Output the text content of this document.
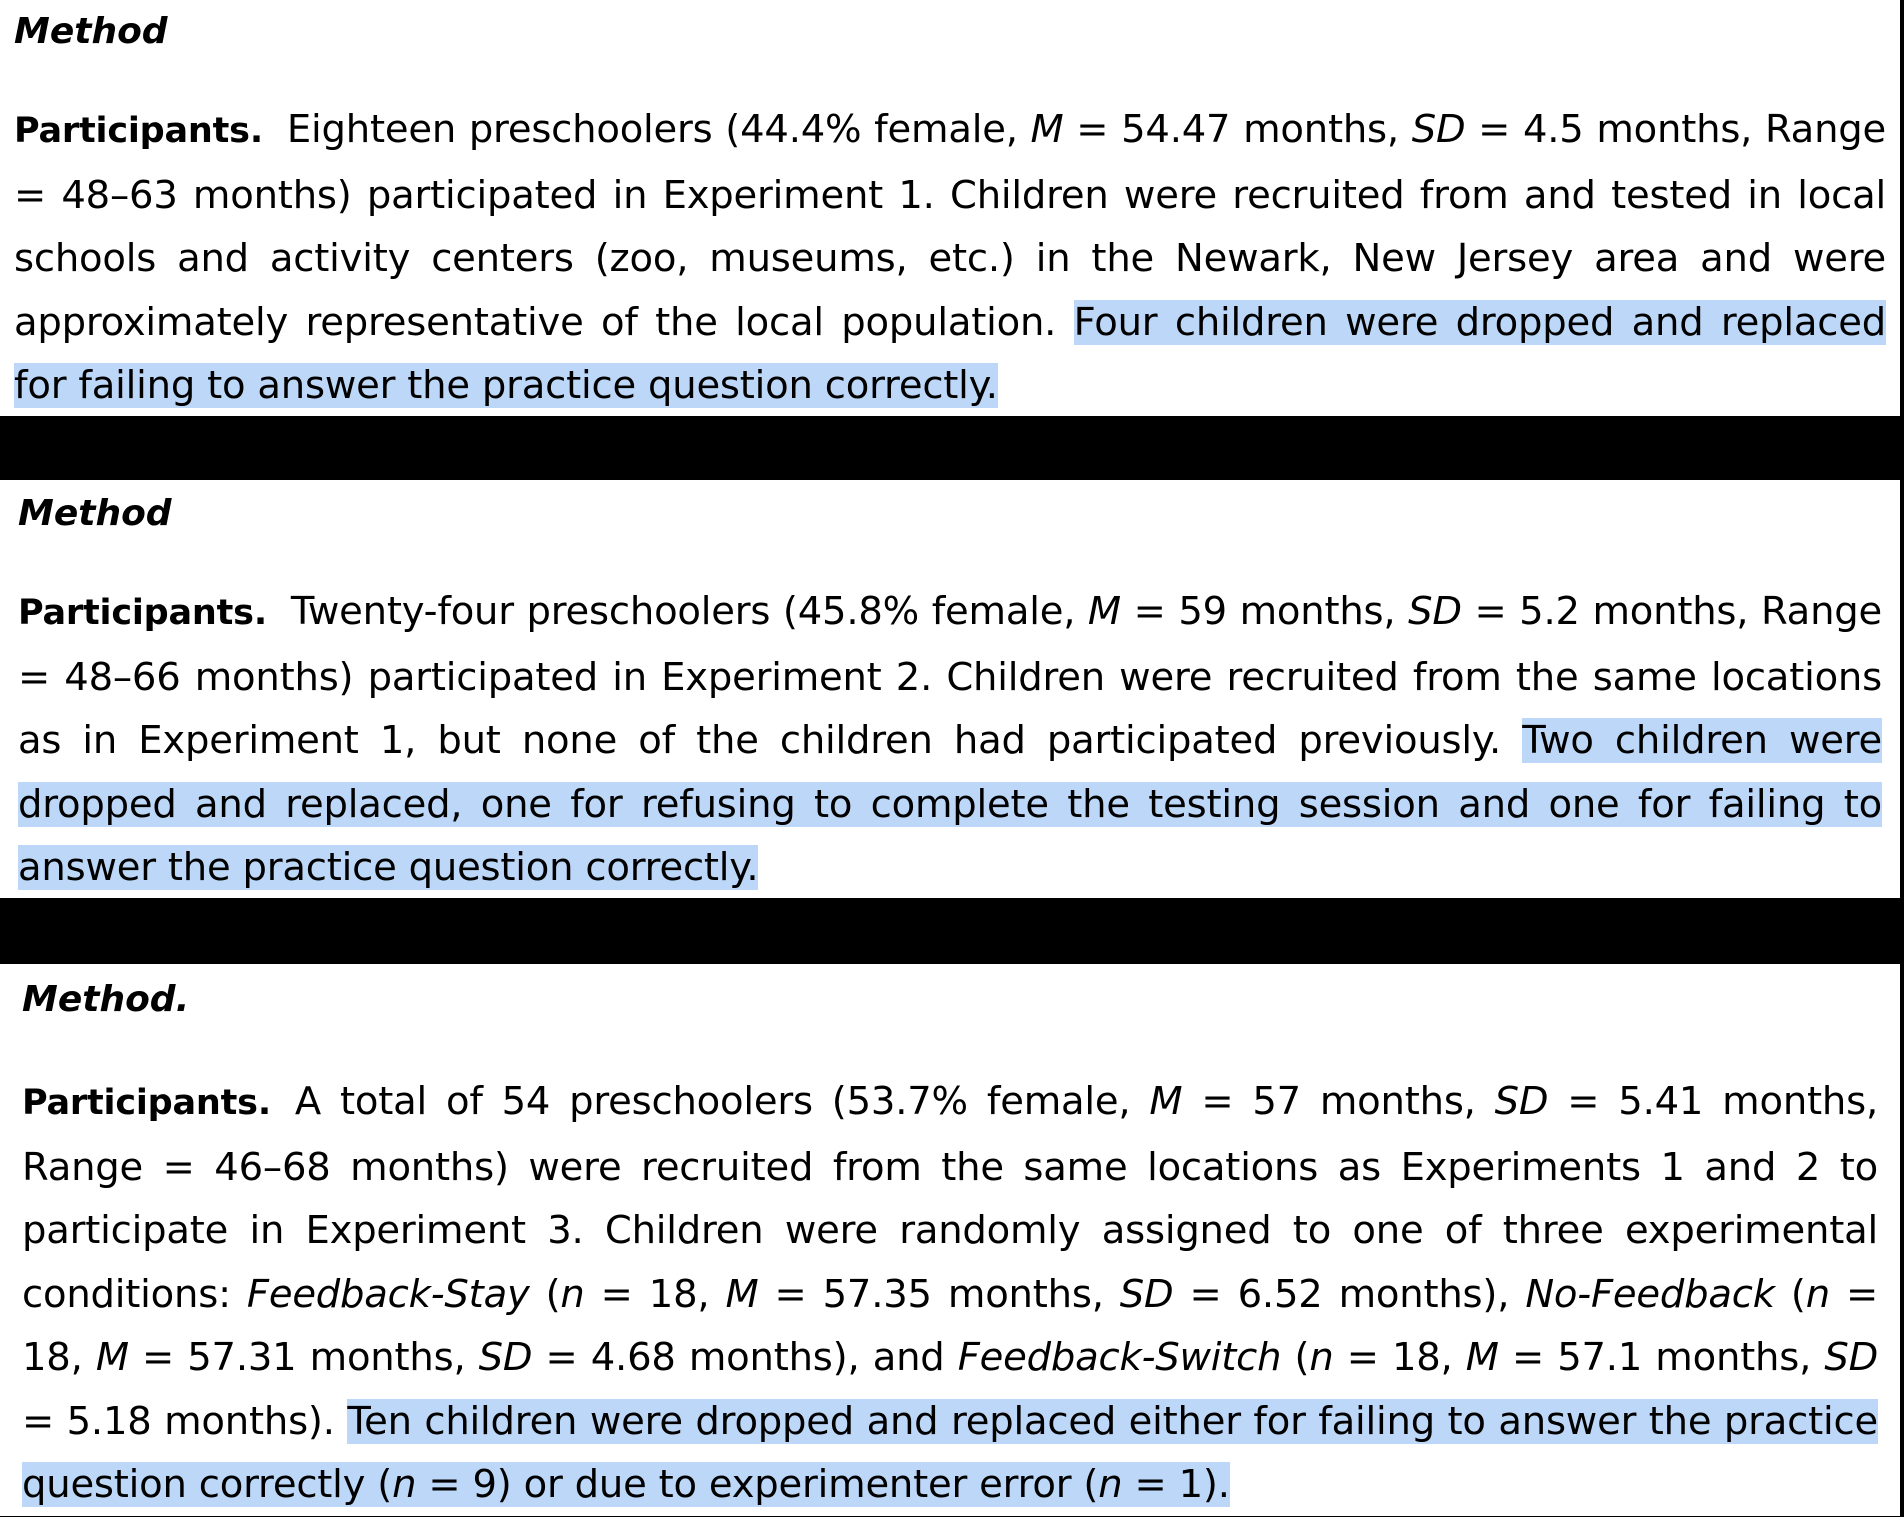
Method

Participants. Eighteen preschoolers (44.4% female, M = 54.47 months, SD = 4.5 months, Range = 48–63 months) participated in Experiment 1. Children were recruited from and tested in local schools and activity centers (zoo, museums, etc.) in the Newark, New Jersey area and were approximately representative of the local population. Four children were dropped and replaced for failing to answer the practice question correctly.

Method

Participants. Twenty-four preschoolers (45.8% female, M = 59 months, SD = 5.2 months, Range = 48–66 months) participated in Experiment 2. Children were recruited from the same locations as in Experiment 1, but none of the children had participated previously. Two children were dropped and replaced, one for refusing to complete the testing session and one for failing to answer the practice question correctly.

Method.

Participants. A total of 54 preschoolers (53.7% female, M = 57 months, SD = 5.41 months, Range = 46–68 months) were recruited from the same locations as Experiments 1 and 2 to participate in Experiment 3. Children were randomly assigned to one of three experimental conditions: Feedback-Stay (n = 18, M = 57.35 months, SD = 6.52 months), No-Feedback (n = 18, M = 57.31 months, SD = 4.68 months), and Feedback-Switch (n = 18, M = 57.1 months, SD = 5.18 months). Ten children were dropped and replaced either for failing to answer the practice question correctly (n = 9) or due to experimenter error (n = 1).
